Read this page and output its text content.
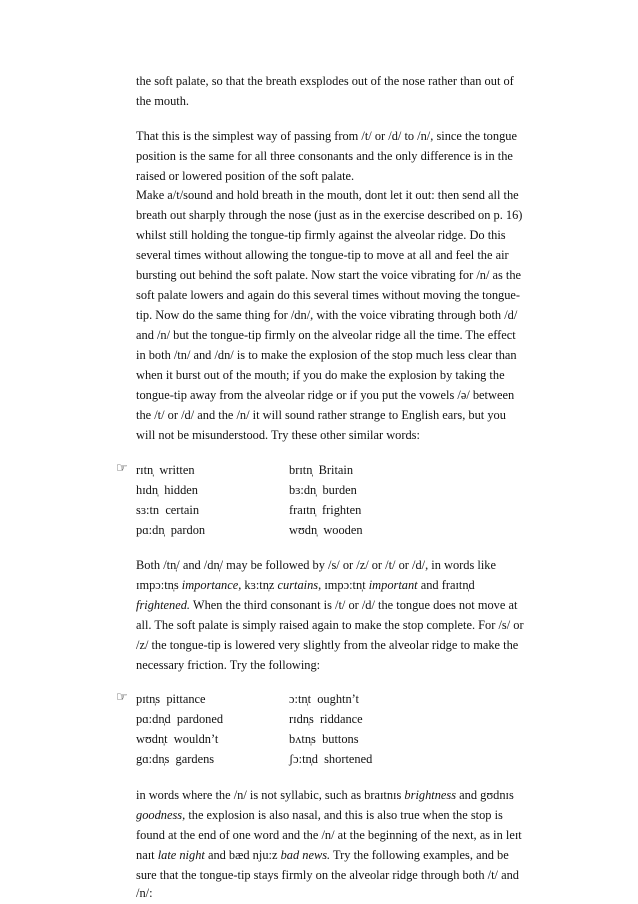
the soft palate, so that the breath exsplodes out of the nose rather than out of
the mouth.
That this is the simplest way of passing from /t/ or /d/ to /n/, since the tongue
position is the same for all three consonants and the only difference is in the
raised or lowered position of the soft palate.
Make a/t/sound and hold breath in the mouth, dont let it out: then send all the
breath out sharply through the nose (just as in the exercise described on p. 16)
whilst still holding the tongue-tip firmly against the alveolar ridge. Do this
several times without allowing the tongue-tip to move at all and feel the air
bursting out behind the soft palate. Now start the voice vibrating for /n/ as the
soft palate lowers and again do this several times without moving the tongue-
tip. Now do the same thing for /dn/, with the voice vibrating through both /d/
and /n/ but the tongue-tip firmly on the alveolar ridge all the time. The effect
in both /tn/ and /dn/ is to make the explosion of the stop much less clear than
when it burst out of the mouth; if you do make the explosion by taking the
tongue-tip away from the alveolar ridge or if you put the vowels /ə/ between
the /t/ or /d/ and the /n/ it will sound rather strange to English ears, but you
will not be misunderstood. Try these other similar words:
☞ rɪtn̩ written	brɪtn̩ Britain
hɪdn̩ hidden	bɜ:dn̩ burden
sɜ:tn certain	fraɪtn̩ frighten
pɑ:dn̩ pardon	wʊdn̩ wooden
Both /tn̩/ and /dn̩/ may be followed by /s/ or /z/ or /t/ or /d/, in words like
ɪmpɔ:tn̩s importance, kɜ:tn̩z curtains, ɪmpɔ:tn̩t important and fraɪtn̩d
frightened. When the third consonant is /t/ or /d/ the tongue does not move at
all. The soft palate is simply raised again to make the stop complete. For /s/ or
/z/ the tongue-tip is lowered very slightly from the alveolar ridge to make the
necessary friction. Try the following:
☞ pɪtn̩s pittance	ɔ:tn̩t oughtn’t
pɑ:dn̩d pardoned	rɪdn̩s riddance
wʊdn̩t wouldn’t	bʌtn̩s buttons
gɑ:dn̩s gardens	ʃɔ:tn̩d shortened
in words where the /n/ is not syllabic, such as braɪtnɪs brightness and gʊdnɪs
goodness, the explosion is also nasal, and this is also true when the stop is
found at the end of one word and the /n/ at the beginning of the next, as in leɪt
naɪt late night and bæd nju:z bad news. Try the following examples, and be
sure that the tongue-tip stays firmly on the alveolar ridge through both /t/ and
/n/:
